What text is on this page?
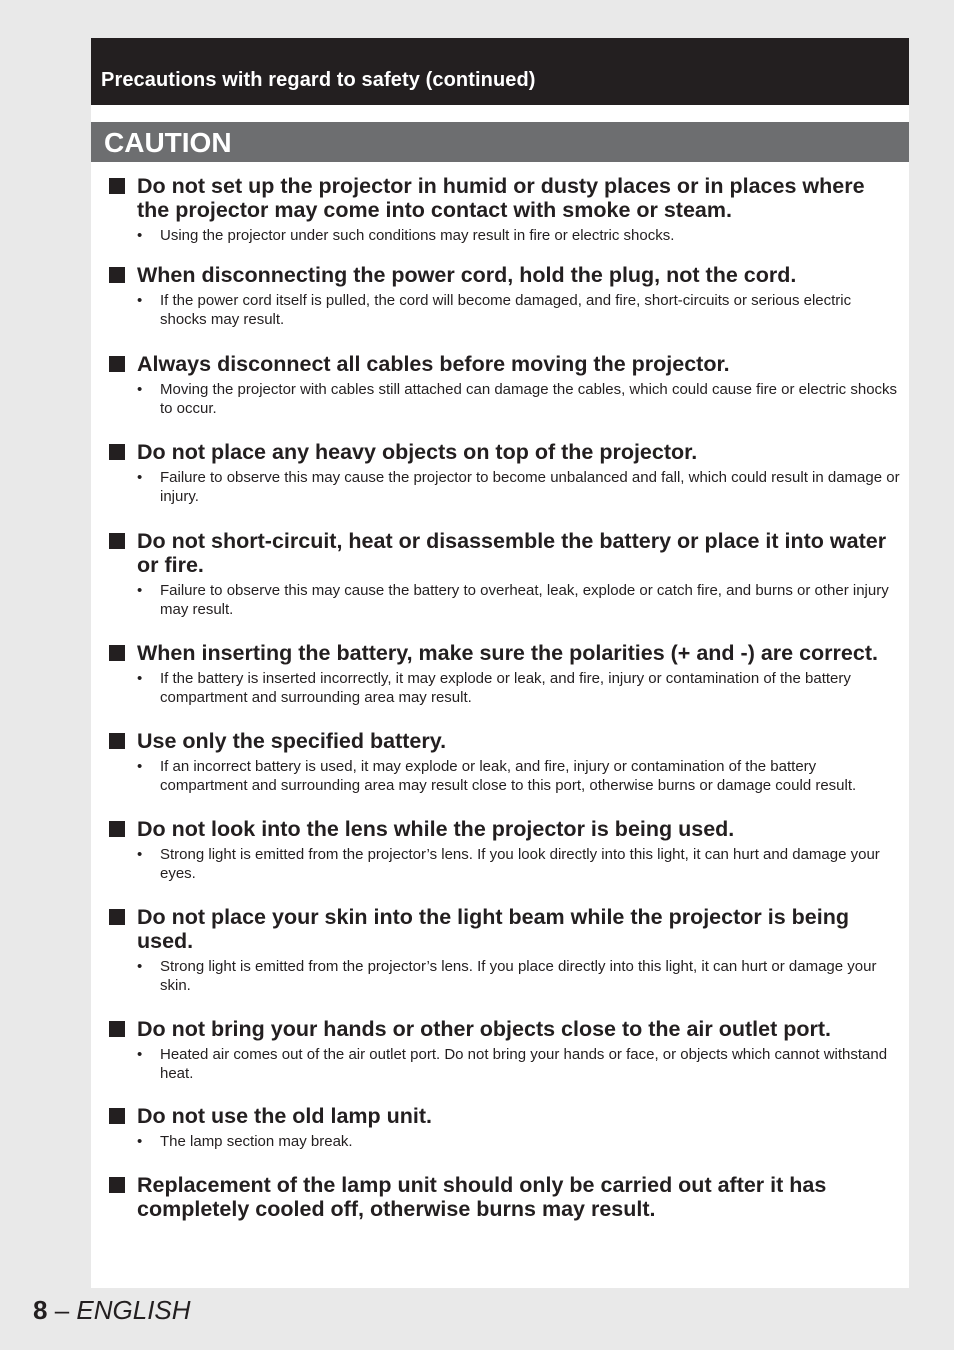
Precautions with regard to safety (continued)
CAUTION
Do not set up the projector in humid or dusty places or in places where the projector may come into contact with smoke or steam.
• Using the projector under such conditions may result in fire or electric shocks.
When disconnecting the power cord, hold the plug, not the cord.
• If the power cord itself is pulled, the cord will become damaged, and fire, short-circuits or serious electric shocks may result.
Always disconnect all cables before moving the projector.
• Moving the projector with cables still attached can damage the cables, which could cause fire or electric shocks to occur.
Do not place any heavy objects on top of the projector.
• Failure to observe this may cause the projector to become unbalanced and fall, which could result in damage or injury.
Do not short-circuit, heat or disassemble the battery or place it into water or fire.
• Failure to observe this may cause the battery to overheat, leak, explode or catch fire, and burns or other injury may result.
When inserting the battery, make sure the polarities (+ and -) are correct.
• If the battery is inserted incorrectly, it may explode or leak, and fire, injury or contamination of the battery compartment and surrounding area may result.
Use only the specified battery.
• If an incorrect battery is used, it may explode or leak, and fire, injury or contamination of the battery compartment and surrounding area may result close to this port, otherwise burns or damage could result.
Do not look into the lens while the projector is being used.
• Strong light is emitted from the projector’s lens. If you look directly into this light, it can hurt and damage your eyes.
Do not place your skin into the light beam while the projector is being used.
• Strong light is emitted from the projector’s lens. If you place directly into this light, it can hurt or damage your skin.
Do not bring your hands or other objects close to the air outlet port.
• Heated air comes out of the air outlet port. Do not bring your hands or face, or objects which cannot withstand heat.
Do not use the old lamp unit.
• The lamp section may break.
Replacement of the lamp unit should only be carried out after it has completely cooled off, otherwise burns may result.
8 – ENGLISH
